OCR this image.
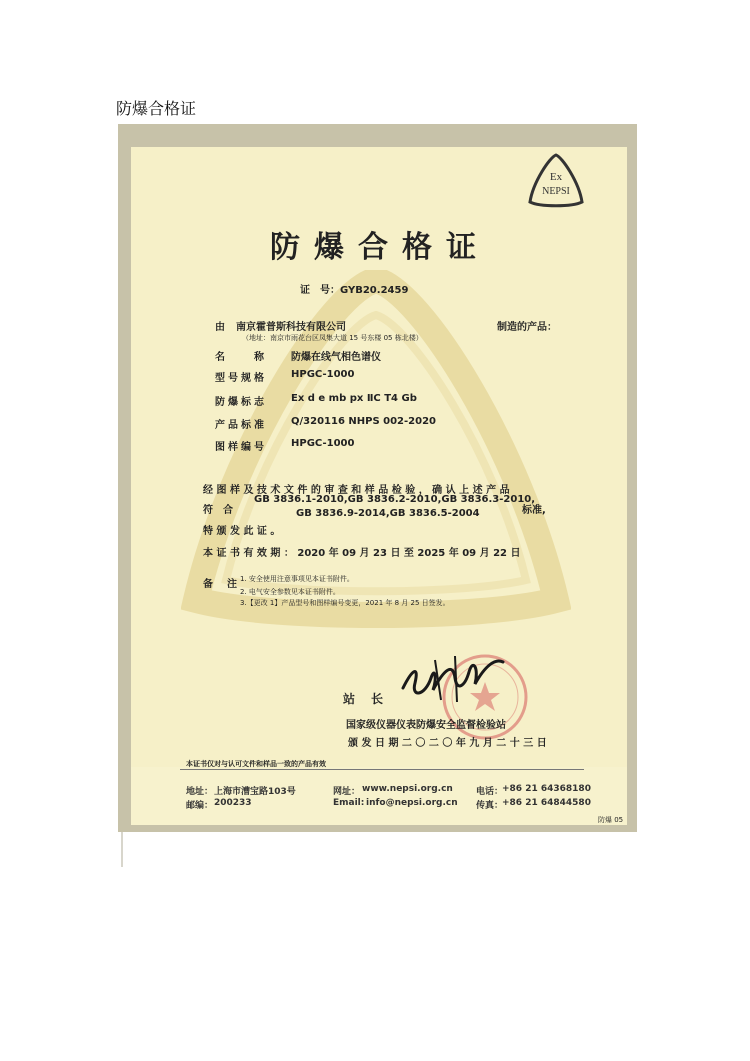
防爆合格证
Ex
NEPSI
防爆合格证
证　号：GYB20.2459
由 南京霍普斯科技有限公司	制造的产品：
（地址：南京市雨花台区凤集大道 15 号东楼 05 栋北楼）
名　　称 防爆在线气相色谱仪
型号规格 HPGC-1000
防爆标志 Ex d e mb px ⅡC T4 Gb
产品标准 Q/320116 NHPS 002-2020
图样编号 HPGC-1000
经 图 样 及 技 术 文 件 的 审 查 和 样 品 检 验 ， 确 认 上 述 产 品
符　合
GB 3836.1-2010,GB 3836.2-2010,GB 3836.3-2010,
GB 3836.9-2014,GB 3836.5-2004	标准,
特 颁 发 此 证 。
本 证 书 有 效 期 ： 2020 年 09 月 23 日 至 2025 年 09 月 22 日
备　注 1. 安全使用注意事项见本证书附件。
2. 电气安全参数见本证书附件。
3.【更改 1】产品型号和图样编号变更，2021 年 8 月 25 日签发。
站　长
国家级仪器仪表防爆安全监督检验站
颁 发 日 期 二 〇 二 〇 年 九 月 二 十 三 日
本证书仅对与认可文件和样品一致的产品有效
地址： 上海市漕宝路103号
邮编： 200233
网址： www.nepsi.org.cn
Email: info@nepsi.org.cn
电话：
+86 21 64368180
传真：
+86 21 64844580
防爆 05
